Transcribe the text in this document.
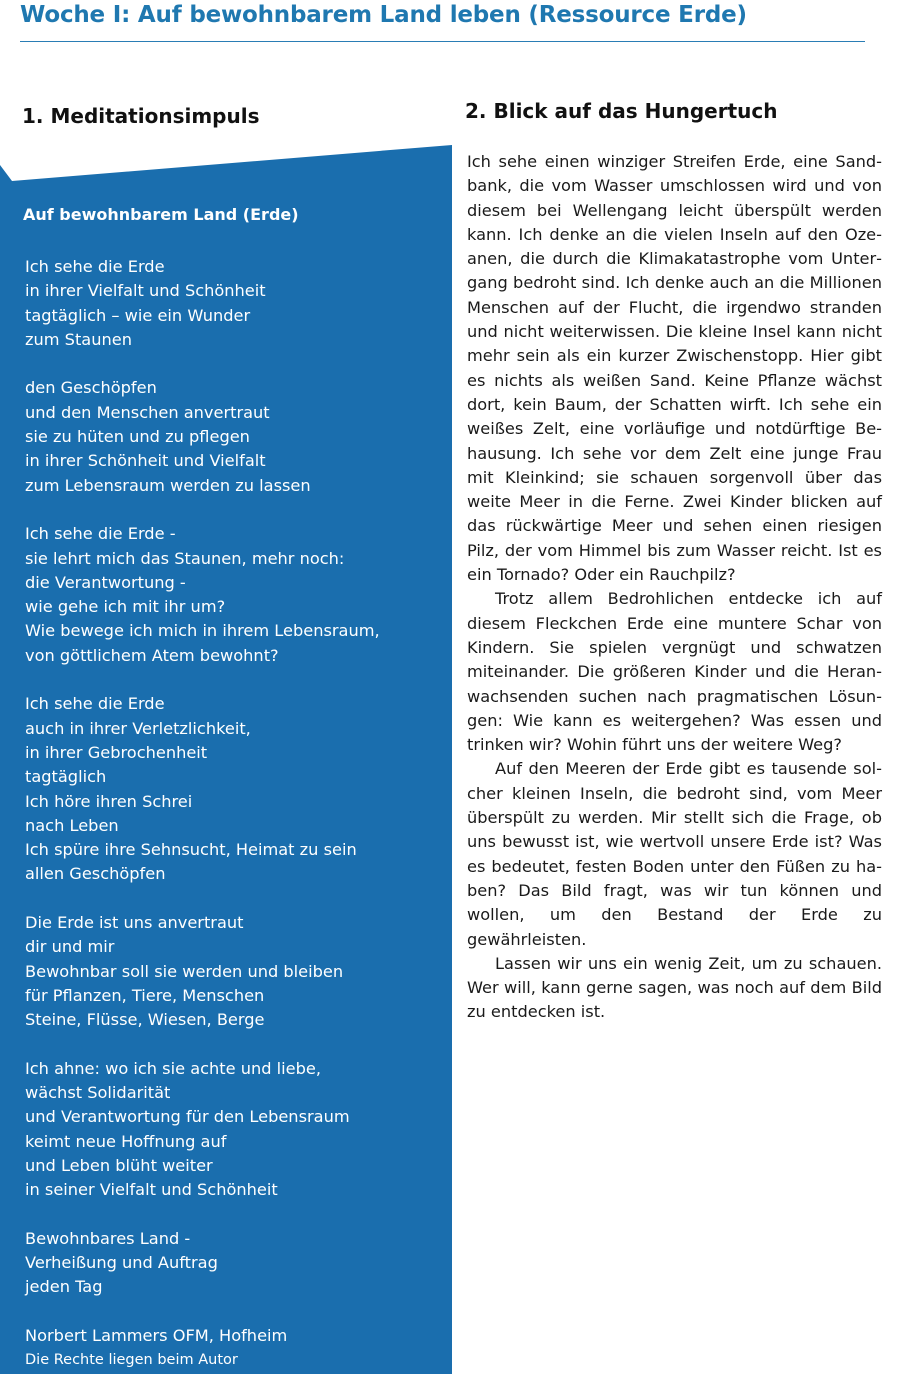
Woche I: Auf bewohnbarem Land leben (Ressource Erde)
1. Meditationsimpuls	2. Blick auf das Hungertuch
Auf bewohnbarem Land (Erde)
Ich sehe die Erde
in ihrer Vielfalt und Schönheit
tagtäglich – wie ein Wunder
zum Staunen
den Geschöpfen
und den Menschen anvertraut
sie zu hüten und zu pflegen
in ihrer Schönheit und Vielfalt
zum Lebensraum werden zu lassen
Ich sehe die Erde -
sie lehrt mich das Staunen, mehr noch:
die Verantwortung -
wie gehe ich mit ihr um?
Wie bewege ich mich in ihrem Lebensraum,
von göttlichem Atem bewohnt?
Ich sehe die Erde
auch in ihrer Verletzlichkeit,
in ihrer Gebrochenheit
tagtäglich
Ich höre ihren Schrei
nach Leben
Ich spüre ihre Sehnsucht, Heimat zu sein
allen Geschöpfen
Die Erde ist uns anvertraut
dir und mir
Bewohnbar soll sie werden und bleiben
für Pflanzen, Tiere, Menschen
Steine, Flüsse, Wiesen, Berge
Ich ahne: wo ich sie achte und liebe,
wächst Solidarität
und Verantwortung für den Lebensraum
keimt neue Hoffnung auf
und Leben blüht weiter
in seiner Vielfalt und Schönheit
Bewohnbares Land -
Verheißung und Auftrag
jeden Tag
Norbert Lammers OFM, Hofheim
Die Rechte liegen beim Autor

Ich sehe einen winziger Streifen Erde, eine Sandbank, die vom Wasser umschlossen wird und von diesem bei Wellengang leicht überspült werden kann. Ich denke an die vielen Inseln auf den Ozeanen, die durch die Klimakatastrophe vom Untergang bedroht sind. Ich denke auch an die Millionen Menschen auf der Flucht, die irgendwo stranden und nicht weiterwissen. Die kleine Insel kann nicht mehr sein als ein kurzer Zwischenstopp. Hier gibt es nichts als weißen Sand. Keine Pflanze wächst dort, kein Baum, der Schatten wirft. Ich sehe ein weißes Zelt, eine vorläufige und notdürftige Behausung. Ich sehe vor dem Zelt eine junge Frau mit Kleinkind; sie schauen sorgenvoll über das weite Meer in die Ferne. Zwei Kinder blicken auf das rückwärtige Meer und sehen einen riesigen Pilz, der vom Himmel bis zum Wasser reicht. Ist es ein Tornado? Oder ein Rauchpilz?

Trotz allem Bedrohlichen entdecke ich auf diesem Fleckchen Erde eine muntere Schar von Kindern. Sie spielen vergnügt und schwatzen miteinander. Die größeren Kinder und die Heranwachsenden suchen nach pragmatischen Lösungen: Wie kann es weitergehen? Was essen und trinken wir? Wohin führt uns der weitere Weg?

Auf den Meeren der Erde gibt es tausende solcher kleinen Inseln, die bedroht sind, vom Meer überspült zu werden. Mir stellt sich die Frage, ob uns bewusst ist, wie wertvoll unsere Erde ist? Was es bedeutet, festen Boden unter den Füßen zu haben? Das Bild fragt, was wir tun können und wollen, um den Bestand der Erde zu gewährleisten.

Lassen wir uns ein wenig Zeit, um zu schauen. Wer will, kann gerne sagen, was noch auf dem Bild zu entdecken ist.
